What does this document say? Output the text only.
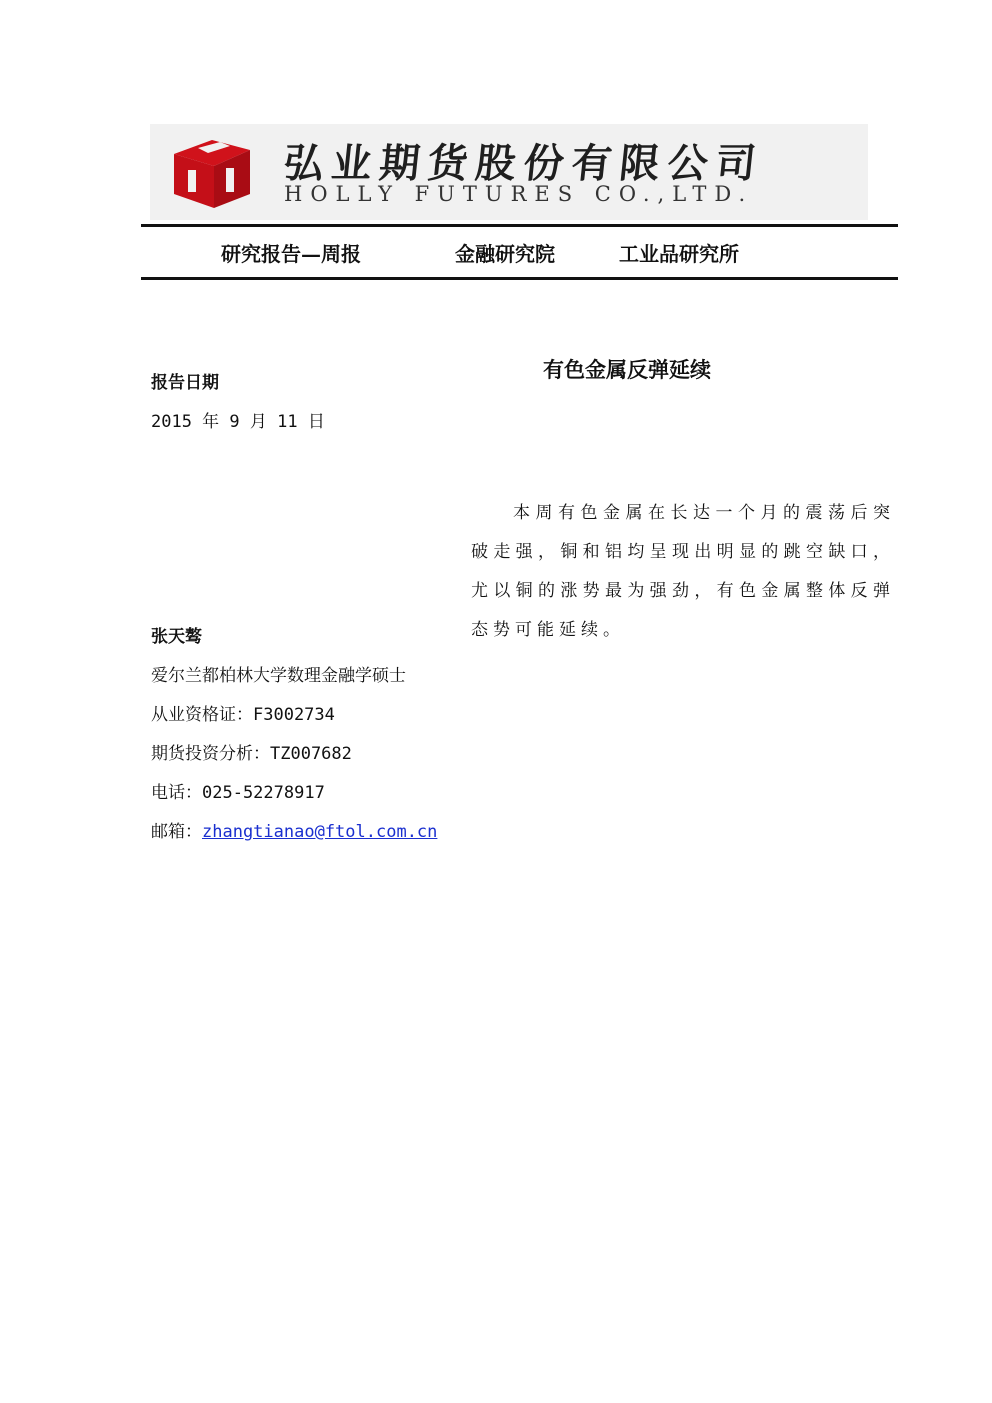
弘业期货股份有限公司
HOLLY FUTURES CO.,LTD.
研究报告—周报	金融研究院	工业品研究所
报告日期
2015 年 9 月 11 日
有色金属反弹延续

本周有色金属在长达一个月的震荡后突破走强，铜和铝均呈现出明显的跳空缺口，尤以铜的涨势最为强劲，有色金属整体反弹态势可能延续。

张天骜
爱尔兰都柏林大学数理金融学硕士
从业资格证：F3002734
期货投资分析：TZ007682
电话：025-52278917
邮箱：zhangtianao@ftol.com.cn
